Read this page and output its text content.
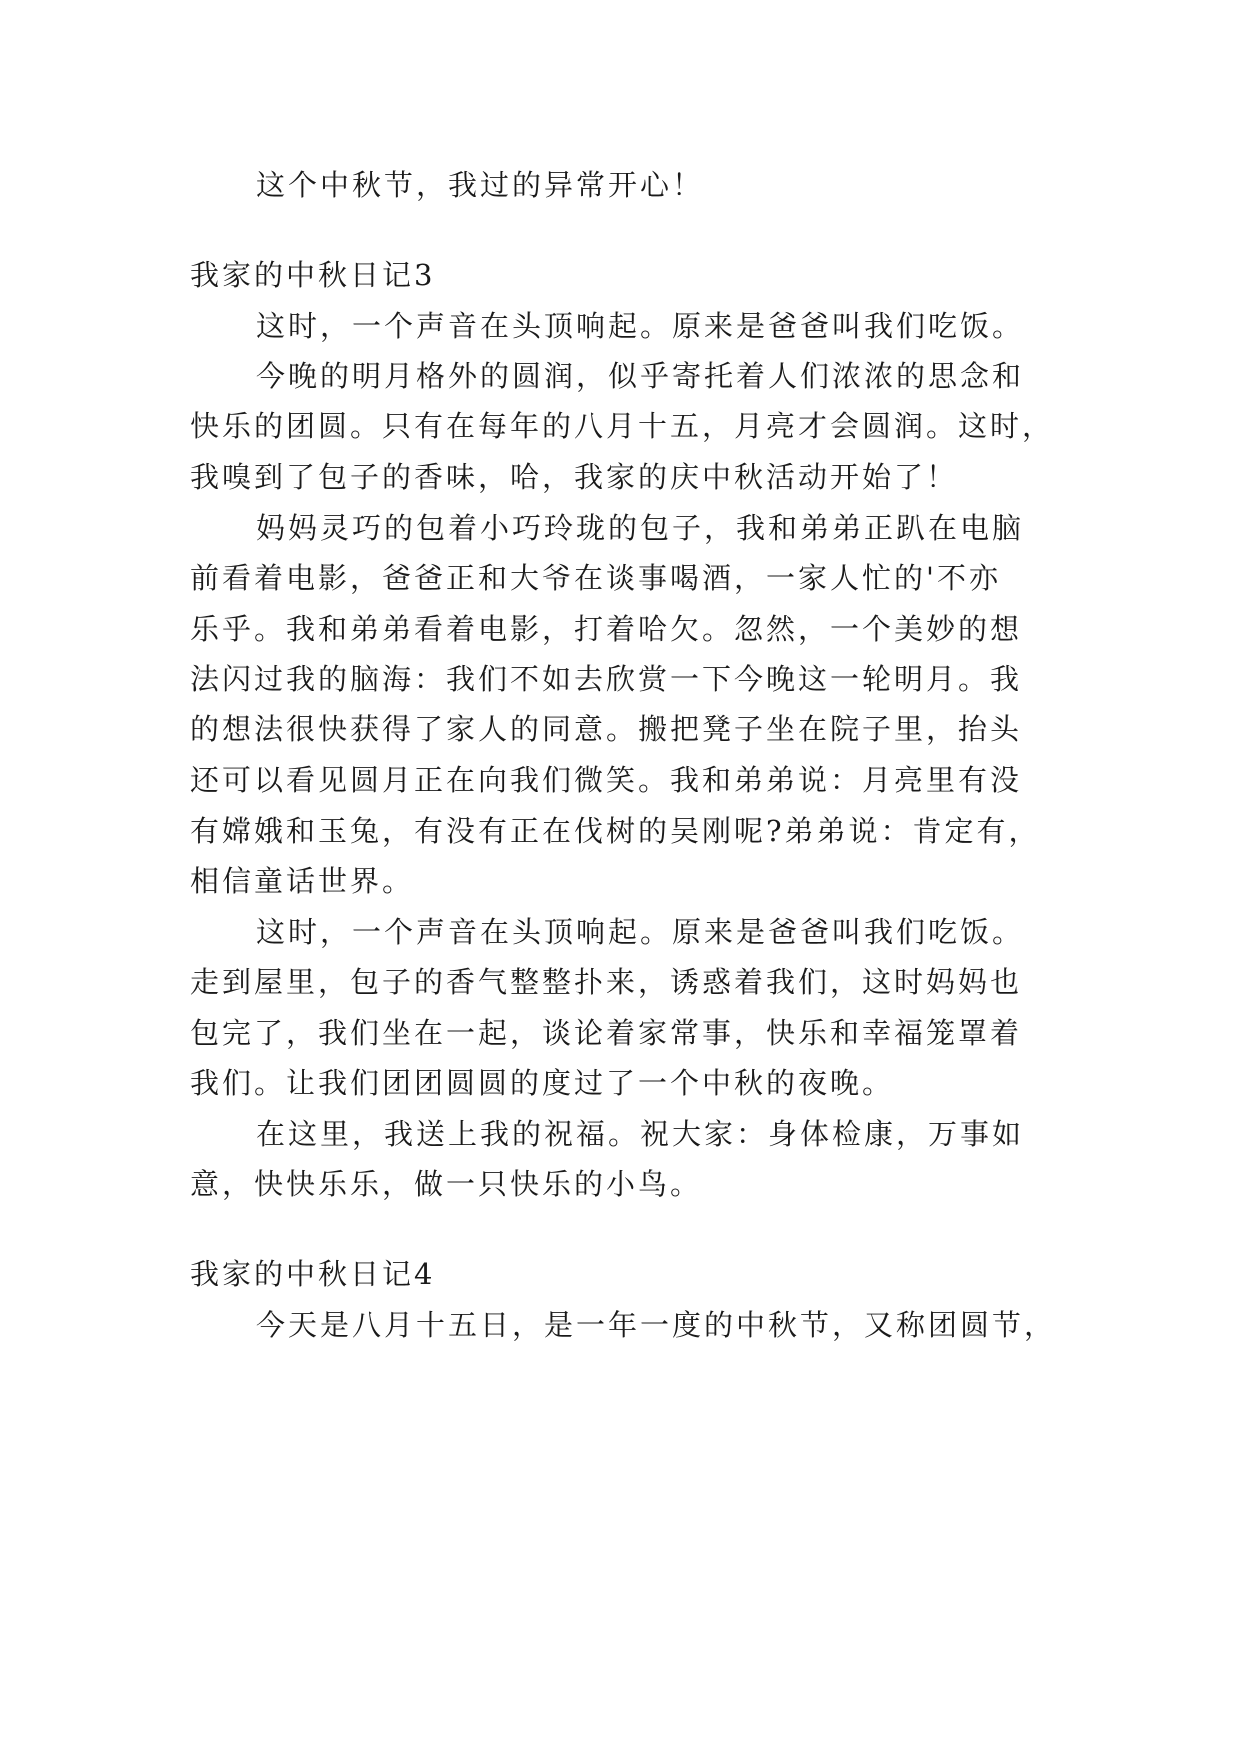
这个中秋节，我过的异常开心！
我家的中秋日记3
这时，一个声音在头顶响起。原来是爸爸叫我们吃饭。
今晚的明月格外的圆润，似乎寄托着人们浓浓的思念和
快乐的团圆。只有在每年的八月十五，月亮才会圆润。这时，
我嗅到了包子的香味，哈，我家的庆中秋活动开始了！
妈妈灵巧的包着小巧玲珑的包子，我和弟弟正趴在电脑
前看着电影，爸爸正和大爷在谈事喝酒，一家人忙的'不亦
乐乎。我和弟弟看着电影，打着哈欠。忽然，一个美妙的想
法闪过我的脑海：我们不如去欣赏一下今晚这一轮明月。我
的想法很快获得了家人的同意。搬把凳子坐在院子里，抬头
还可以看见圆月正在向我们微笑。我和弟弟说：月亮里有没
有嫦娥和玉兔，有没有正在伐树的吴刚呢?弟弟说：肯定有，
相信童话世界。
这时，一个声音在头顶响起。原来是爸爸叫我们吃饭。
走到屋里，包子的香气整整扑来，诱惑着我们，这时妈妈也
包完了，我们坐在一起，谈论着家常事，快乐和幸福笼罩着
我们。让我们团团圆圆的度过了一个中秋的夜晚。
在这里，我送上我的祝福。祝大家：身体检康，万事如
意，快快乐乐，做一只快乐的小鸟。
我家的中秋日记4
今天是八月十五日，是一年一度的中秋节，又称团圆节，
